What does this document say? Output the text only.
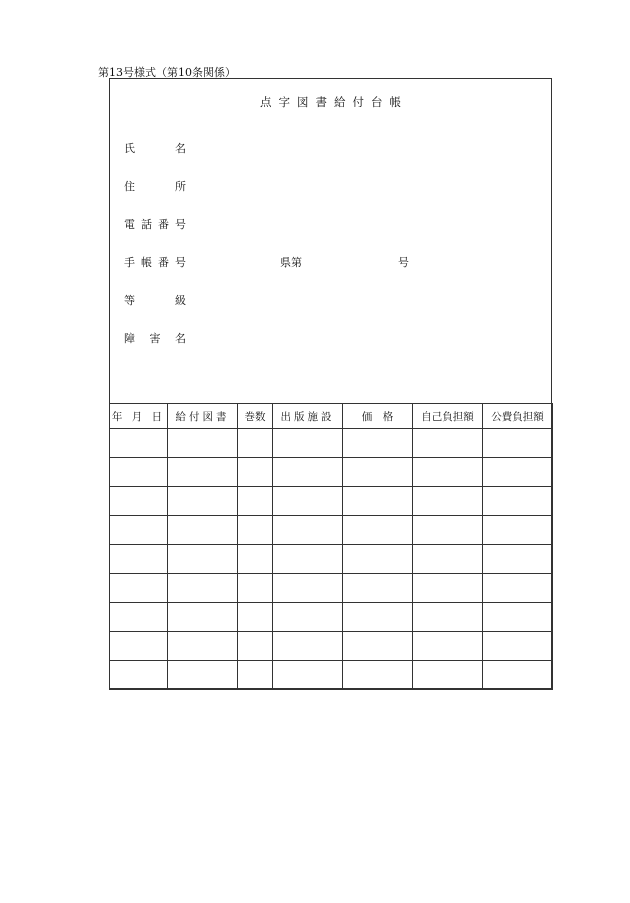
第13号様式（第10条関係）
点字図書給付台帳
氏　名
住　所
電話番号
手帳番号	県第	号
等　級
障害名
年 月 日	給付図書	巻数	出版施設	価　格	自己負担額	公費負担額
